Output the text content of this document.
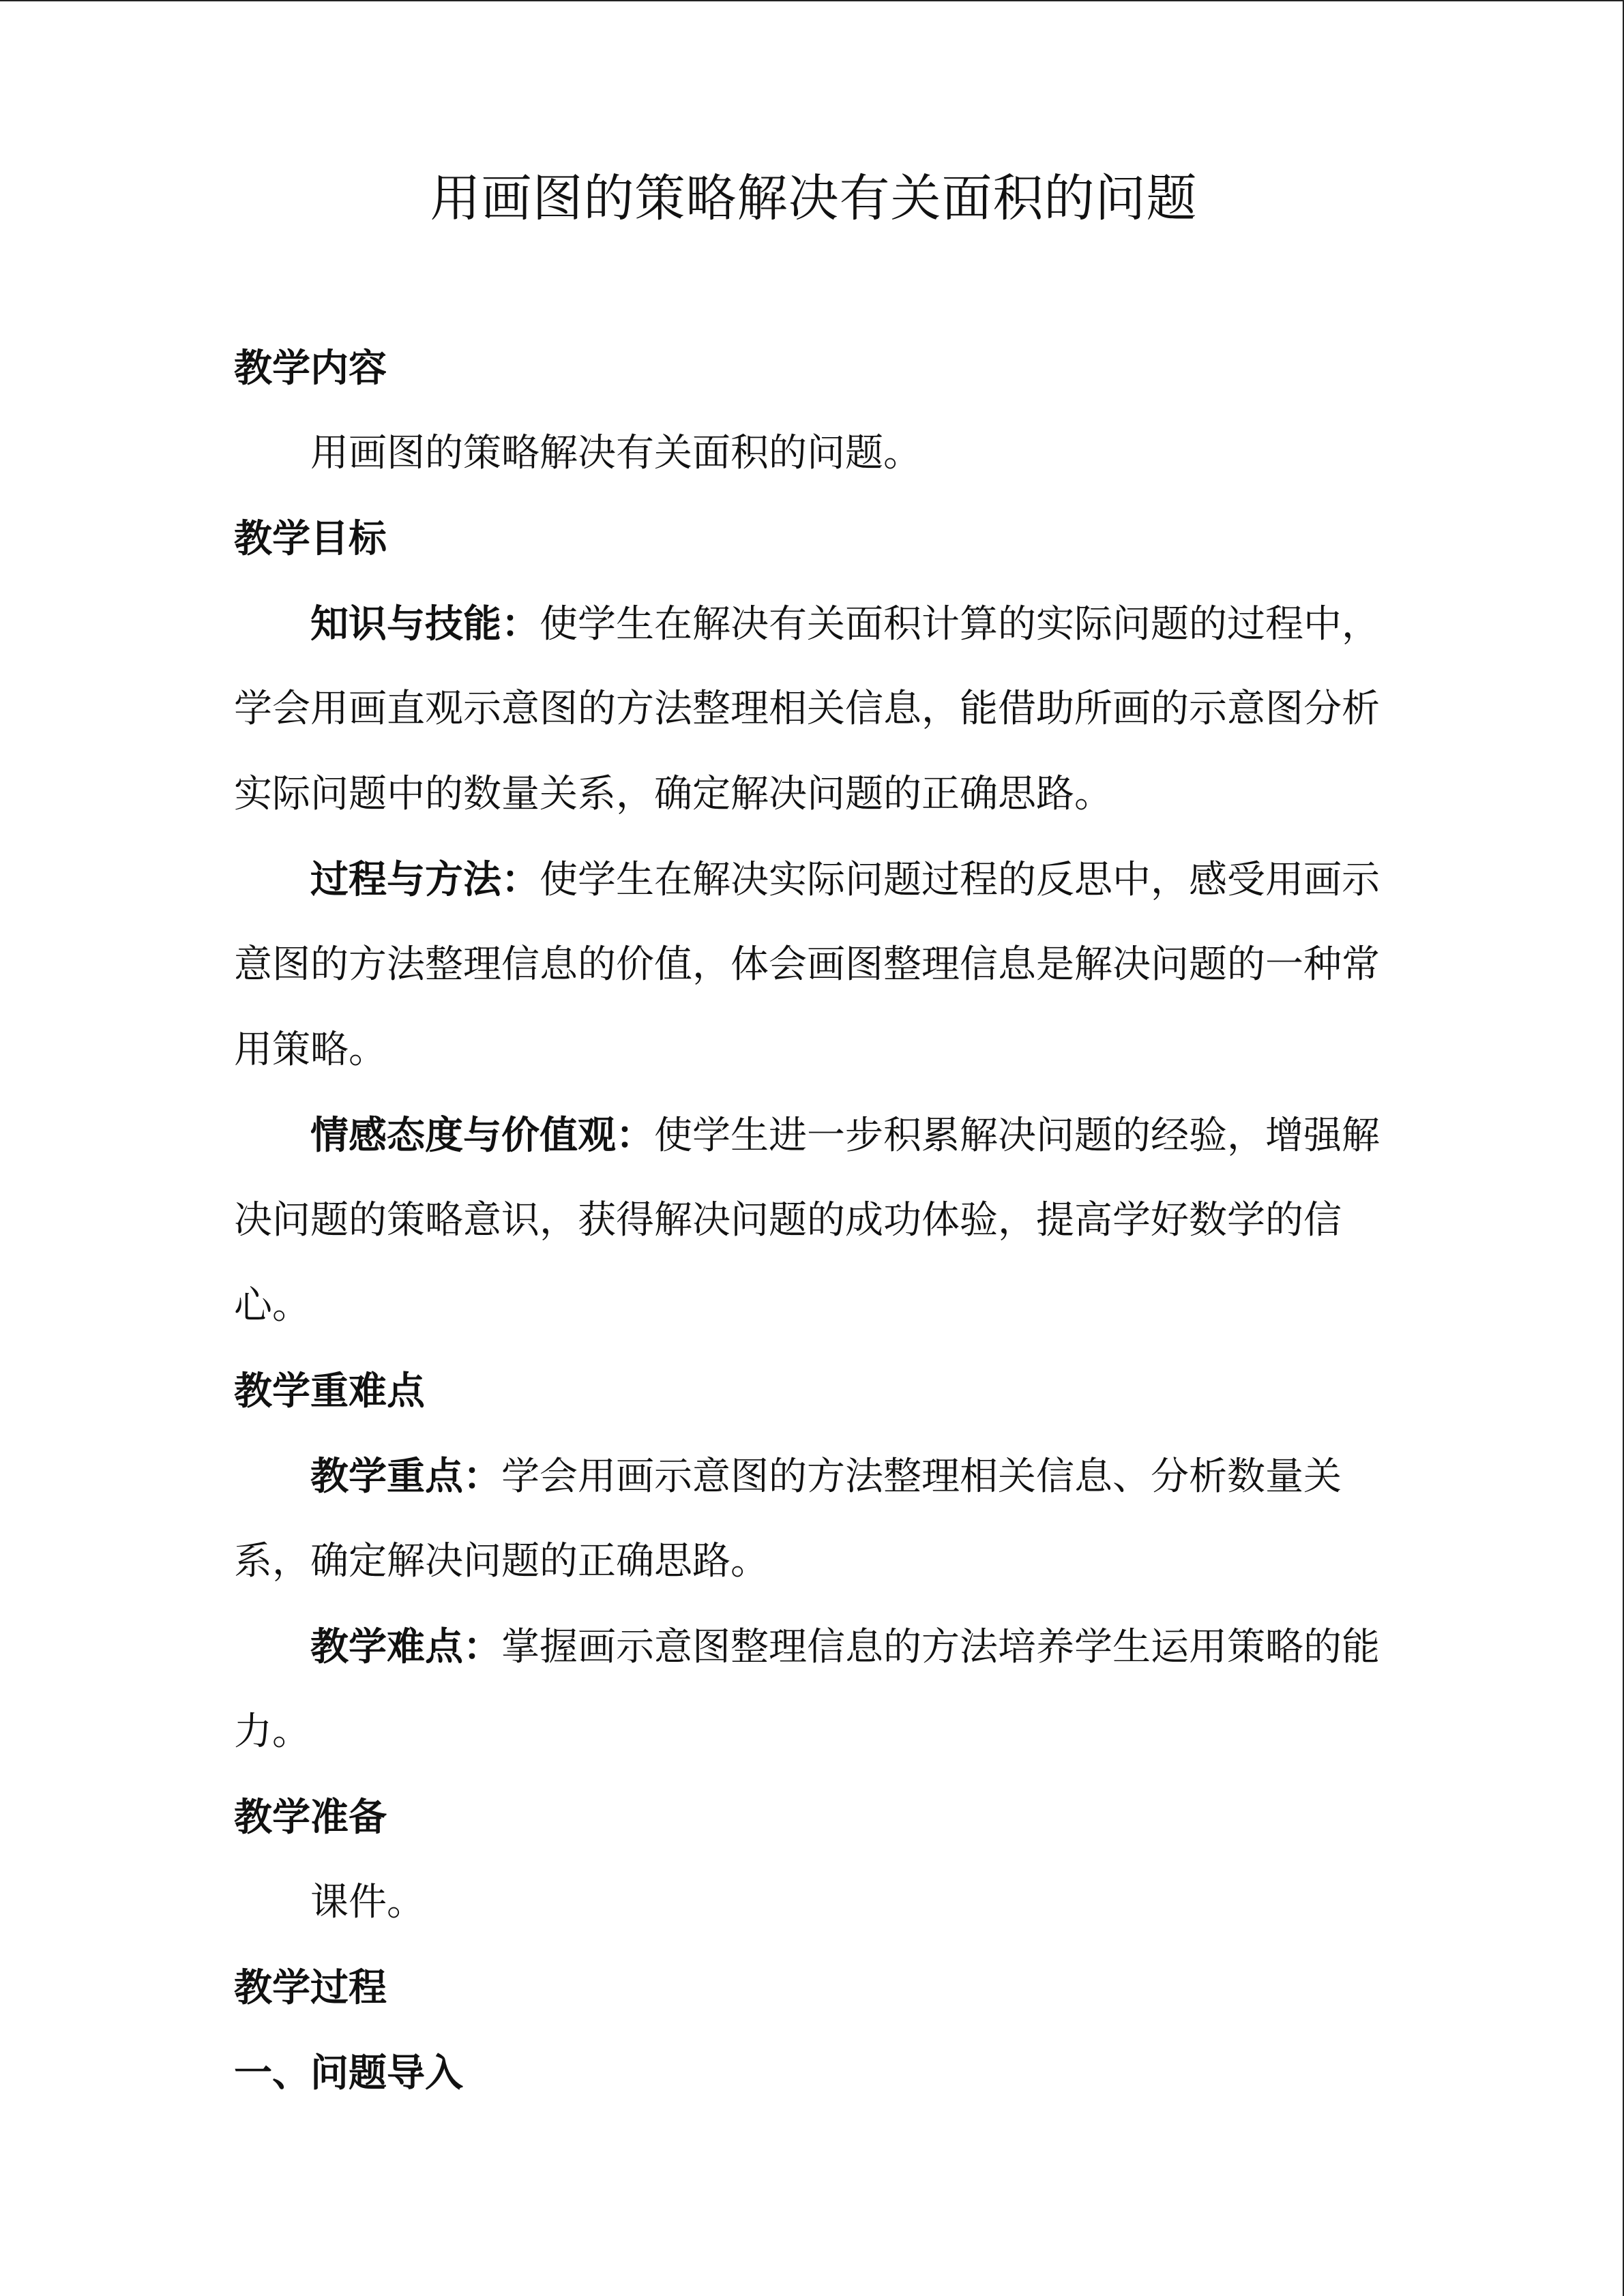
用画图的策略解决有关面积的问题
教学内容
用画图的策略解决有关面积的问题。
教学目标
知识与技能：使学生在解决有关面积计算的实际问题的过程中，
学会用画直观示意图的方法整理相关信息，能借助所画的示意图分析
实际问题中的数量关系，确定解决问题的正确思路。
过程与方法：使学生在解决实际问题过程的反思中，感受用画示
意图的方法整理信息的价值，体会画图整理信息是解决问题的一种常
用策略。
情感态度与价值观：使学生进一步积累解决问题的经验，增强解
决问题的策略意识，获得解决问题的成功体验，提高学好数学的信
心。
教学重难点
教学重点：学会用画示意图的方法整理相关信息、分析数量关
系，确定解决问题的正确思路。
教学难点：掌握画示意图整理信息的方法培养学生运用策略的能
力。
教学准备
课件。
教学过程
一、问题导入
